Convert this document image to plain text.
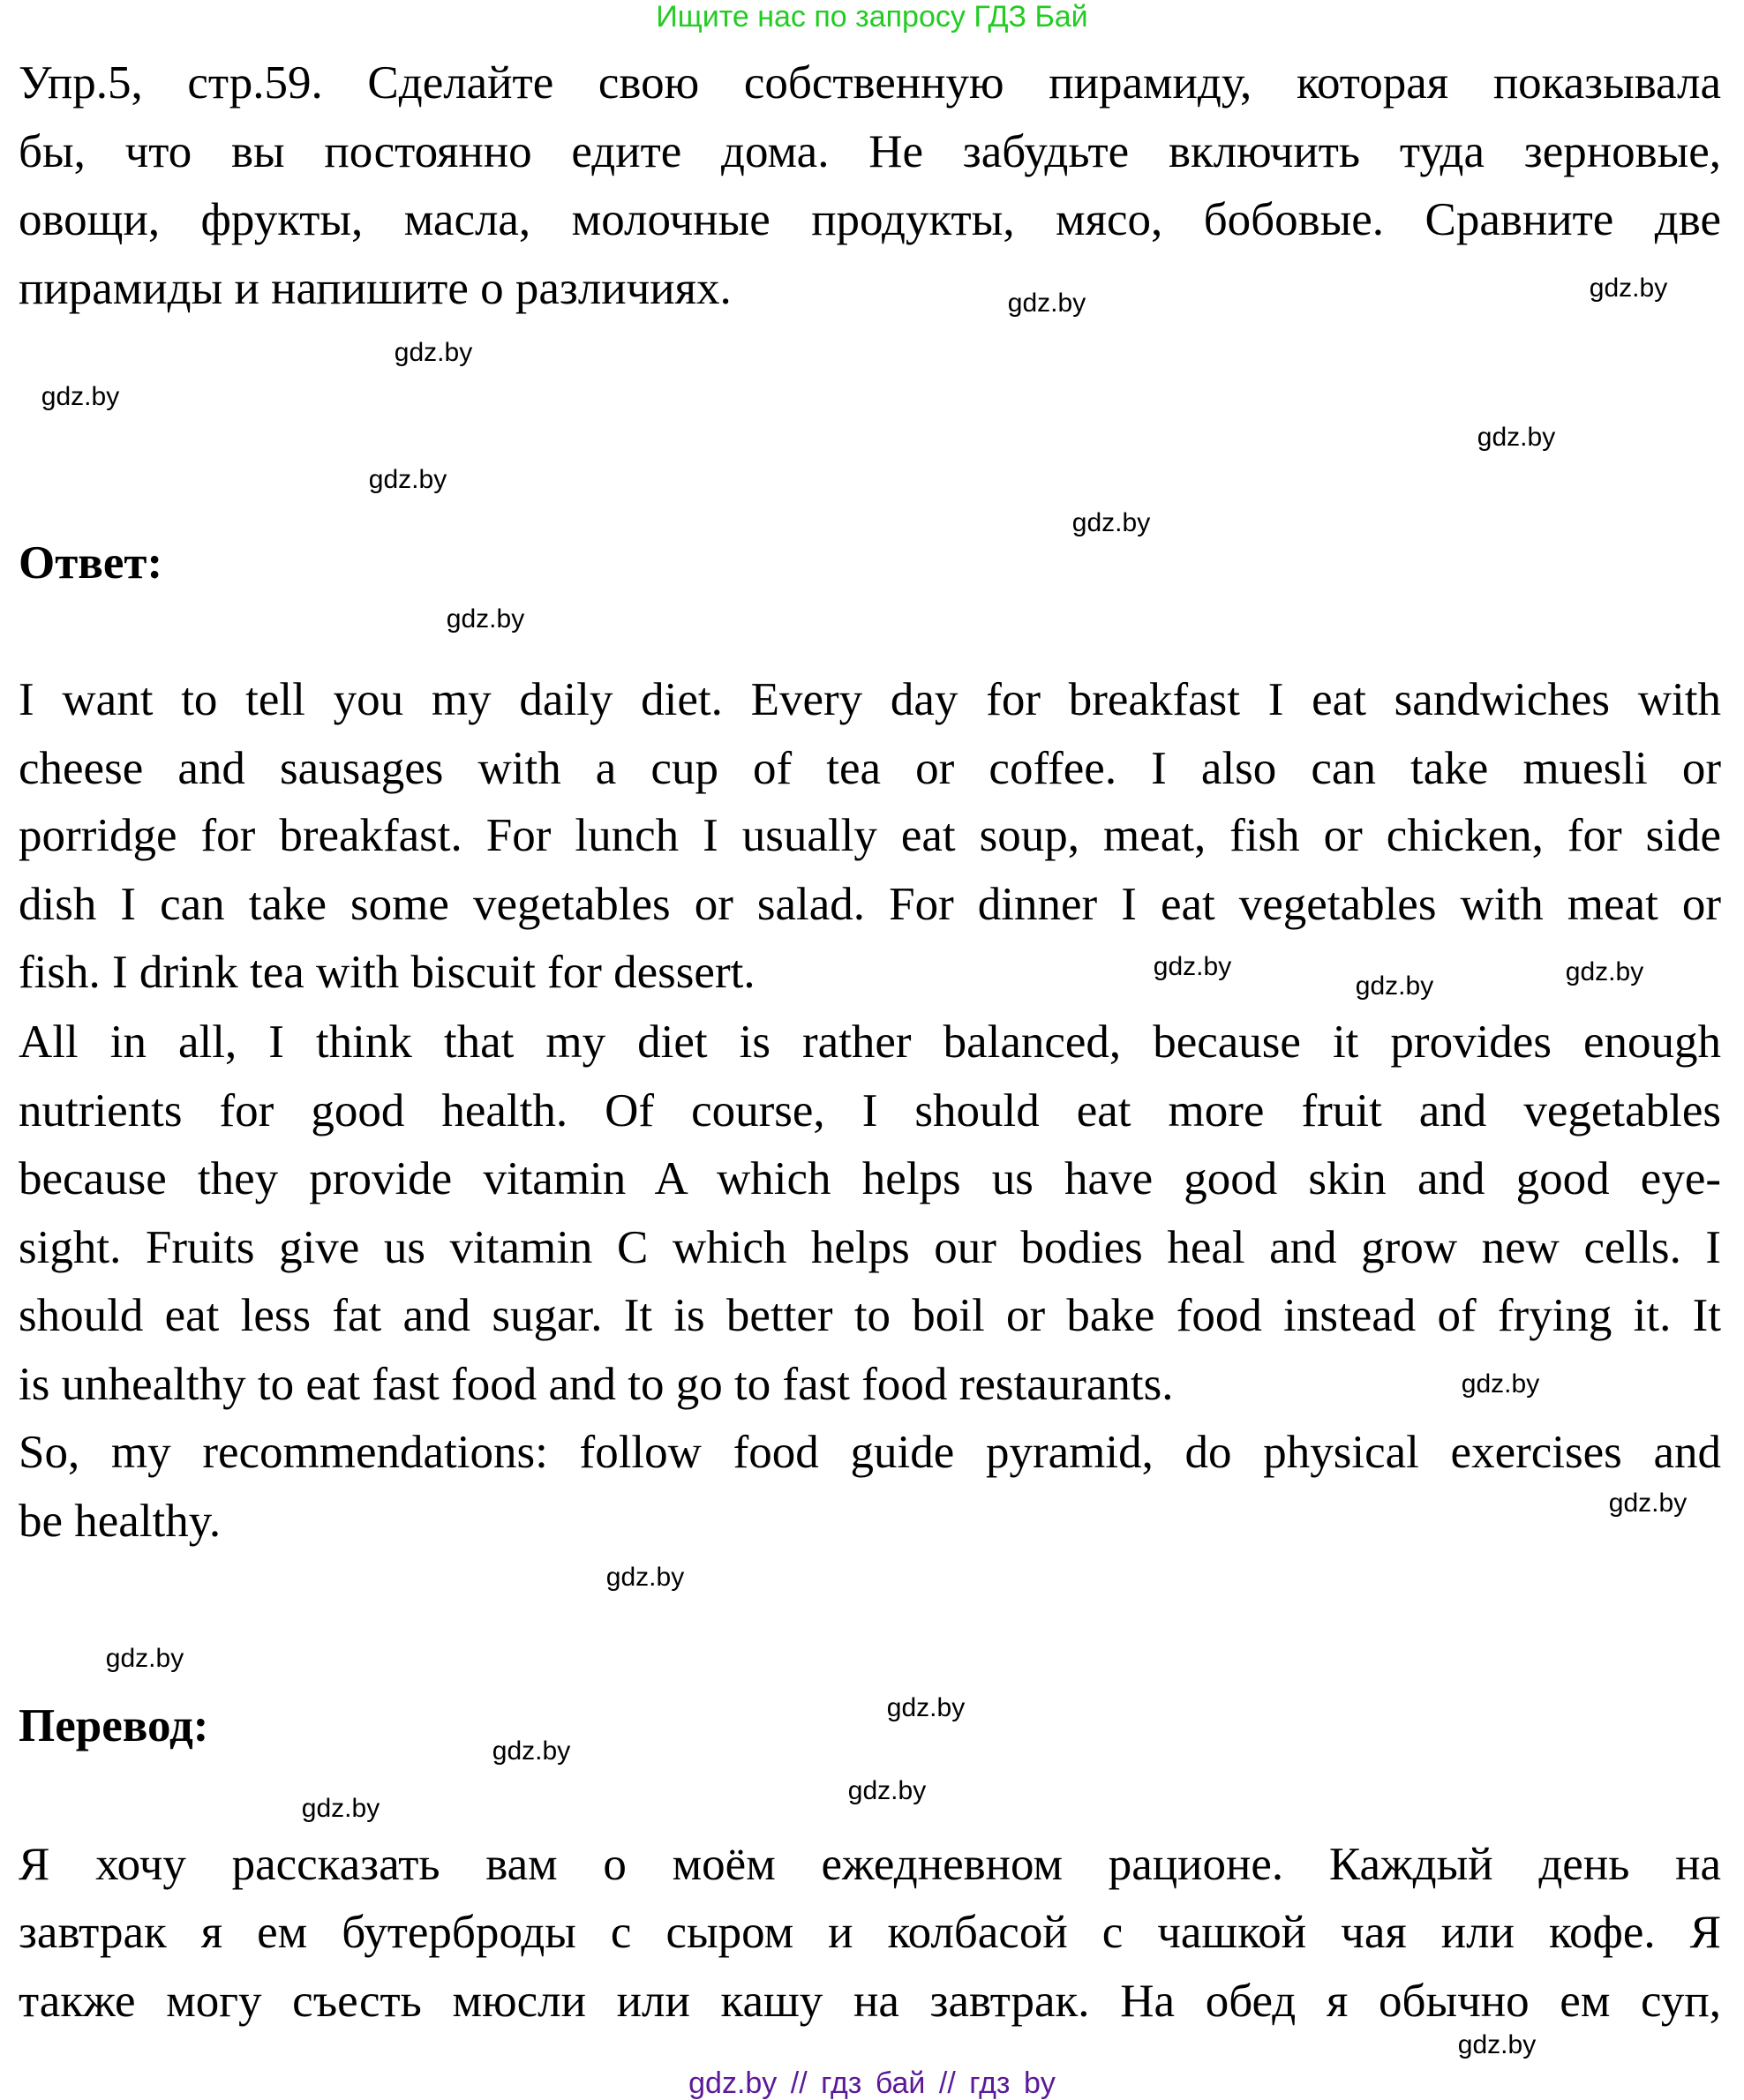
Ищите нас по запросу ГДЗ Бай
Упр.5, стр.59. Сделайте свою собственную пирамиду, которая показывала
бы, что вы постоянно едите дома. Не забудьте включить туда зерновые,
овощи, фрукты, масла, молочные продукты, мясо, бобовые. Сравните две
пирамиды и напишите о различиях.
Ответ:
I want to tell you my daily diet. Every day for breakfast I eat sandwiches with
cheese and sausages with a cup of tea or coffee. I also can take muesli or
porridge for breakfast. For lunch I usually eat soup, meat, fish or chicken, for side
dish I can take some vegetables or salad. For dinner I eat vegetables with meat or
fish. I drink tea with biscuit for dessert.
All in all, I think that my diet is rather balanced, because it provides enough
nutrients for good health. Of course, I should eat more fruit and vegetables
because they provide vitamin A which helps us have good skin and good eye-
sight. Fruits give us vitamin C which helps our bodies heal and grow new cells. I
should eat less fat and sugar. It is better to boil or bake food instead of frying it. It
is unhealthy to eat fast food and to go to fast food restaurants.
So, my recommendations: follow food guide pyramid, do physical exercises and
be healthy.
Перевод:
Я хочу рассказать вам о моём ежедневном рационе. Каждый день на
завтрак я ем бутерброды с сыром и колбасой с чашкой чая или кофе. Я
также могу съесть мюсли или кашу на завтрак. На обед я обычно ем суп,
gdz.by
gdz.by
gdz.by
gdz.by
gdz.by
gdz.by
gdz.by
gdz.by
gdz.by
gdz.by
gdz.by
gdz.by
gdz.by
gdz.by
gdz.by
gdz.by
gdz.by
gdz.by
gdz.by
gdz.by
gdz.by // гдз бай // гдз by
